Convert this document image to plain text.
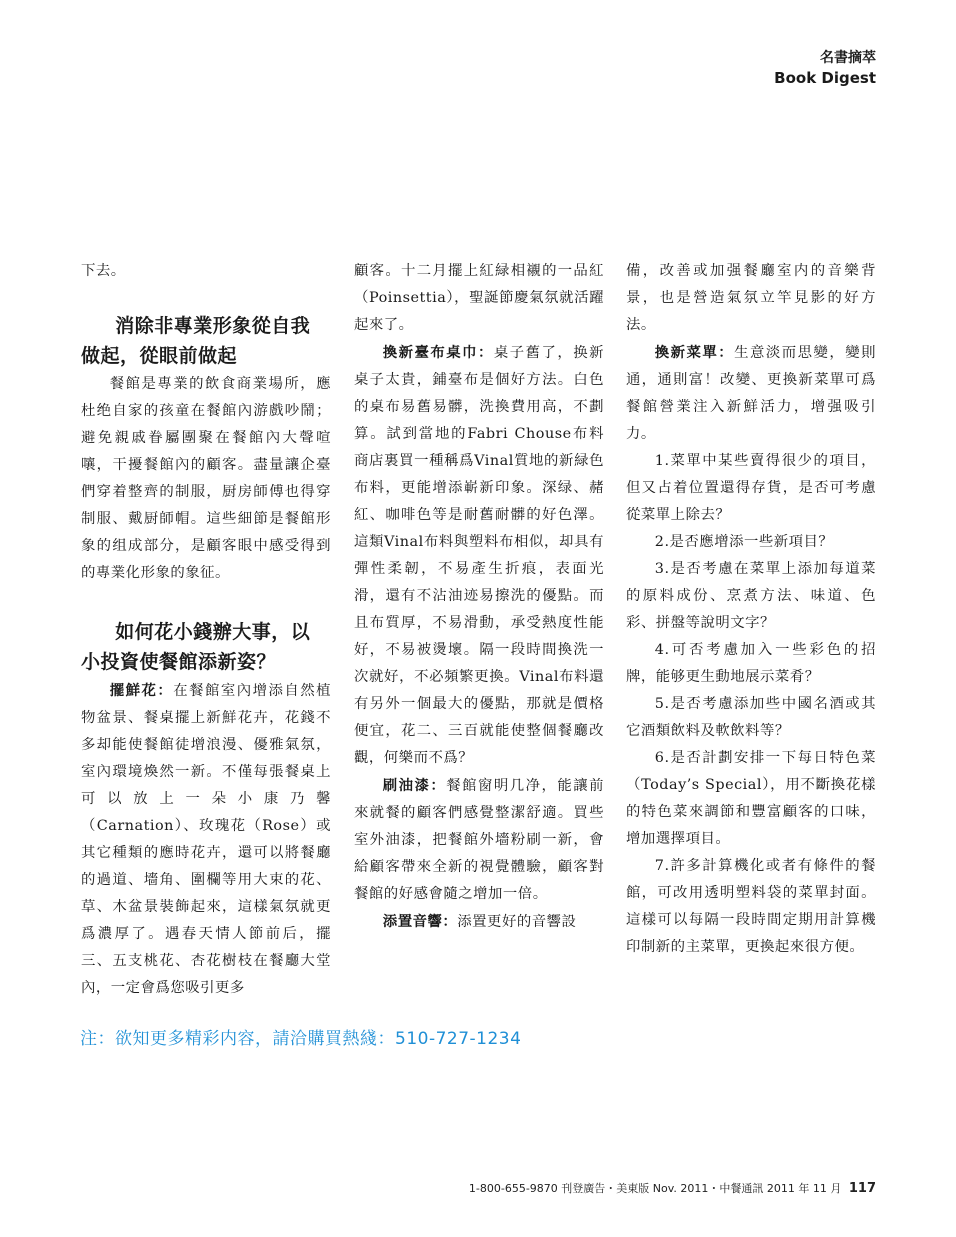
名書摘萃
Book Digest

下去。

消除非專業形象從自我
做起，從眼前做起

餐館是專業的飲食商業場所，應杜绝自家的孩童在餐館內游戲吵鬧；避免親戚眷屬團聚在餐館內大聲喧嚷，干擾餐館內的顧客。盡量讓企臺們穿着整齊的制服，厨房師傅也得穿制服、戴厨師帽。這些細節是餐館形象的组成部分，是顧客眼中感受得到的專業化形象的象征。

如何花小錢辦大事，以
小投資使餐館添新姿？

擺鮮花：在餐館室內增添自然植物盆景、餐桌擺上新鮮花卉，花錢不多却能使餐館徒增浪漫、優雅氣氛，室內環境煥然一新。不僅每張餐桌上可以放上一朵小康乃馨（Carnation）、玫瑰花（Rose）或其它種類的應時花卉，還可以將餐廳的過道、墻角、圍欄等用大束的花、草、木盆景裝飾起來，這樣氣氛就更爲濃厚了。遇春天情人節前后，擺三、五支桃花、杏花樹枝在餐廳大堂內，一定會爲您吸引更多

顧客。十二月擺上紅緑相襯的一品紅（Poinsettia），聖誕節慶氣氛就活躍起來了。

換新臺布桌巾：桌子舊了，换新桌子太貴，鋪臺布是個好方法。白色的桌布易舊易髒，洗換費用高，不劃算。試到當地的Fabri Chouse布料商店裏買一種稱爲Vinal質地的新緑色布料，更能增添嶄新印象。深绿、赭紅、咖啡色等是耐舊耐髒的好色澤。這類Vinal布料與塑料布相似，却具有彈性柔韌，不易產生折痕，表面光滑，還有不沾油迹易擦洗的優點。而且布質厚，不易滑動，承受熱度性能好，不易被燙壞。隔一段時間換洗一次就好，不必頻繁更換。Vinal布料還有另外一個最大的優點，那就是價格便宜，花二、三百就能使整個餐廳改觀，何樂而不爲？

刷油漆：餐館窗明几净，能讓前來就餐的顧客們感覺整潔舒適。買些室外油漆，把餐館外墻粉刷一新，會給顧客帶來全新的視覺體驗，顧客對餐館的好感會隨之增加一倍。

添置音響：添置更好的音響設

備，改善或加强餐廳室内的音樂背景，也是營造氣氛立竿見影的好方法。

換新菜單：生意淡而思變，變則通，通則富！改變、更換新菜單可爲餐館營業注入新鮮活力，增强吸引力。

1.菜單中某些賣得很少的項目，但又占着位置還得存貨，是否可考慮從菜單上除去？

2.是否應增添一些新項目？

3.是否考慮在菜單上添加每道菜的原料成份、烹煮方法、味道、色彩、拼盤等說明文字？

4.可否考慮加入一些彩色的招牌，能够更生動地展示菜肴？

5.是否考慮添加些中國名酒或其它酒類飲料及軟飲料等？

6.是否計劃安排一下每日特色菜（Today’s Special），用不斷換花樣的特色菜來調節和豐富顧客的口味，增加選擇項目。

7.許多計算機化或者有條件的餐館，可改用透明塑料袋的菜單封面。這樣可以每隔一段時間定期用計算機印制新的主菜單，更換起來很方便。

注：欲知更多精彩内容，請洽購買熱綫：510-727-1234
1-800-655-9870 刊登廣告・美東版 Nov. 2011・中餐通訊 2011 年 11 月 117
